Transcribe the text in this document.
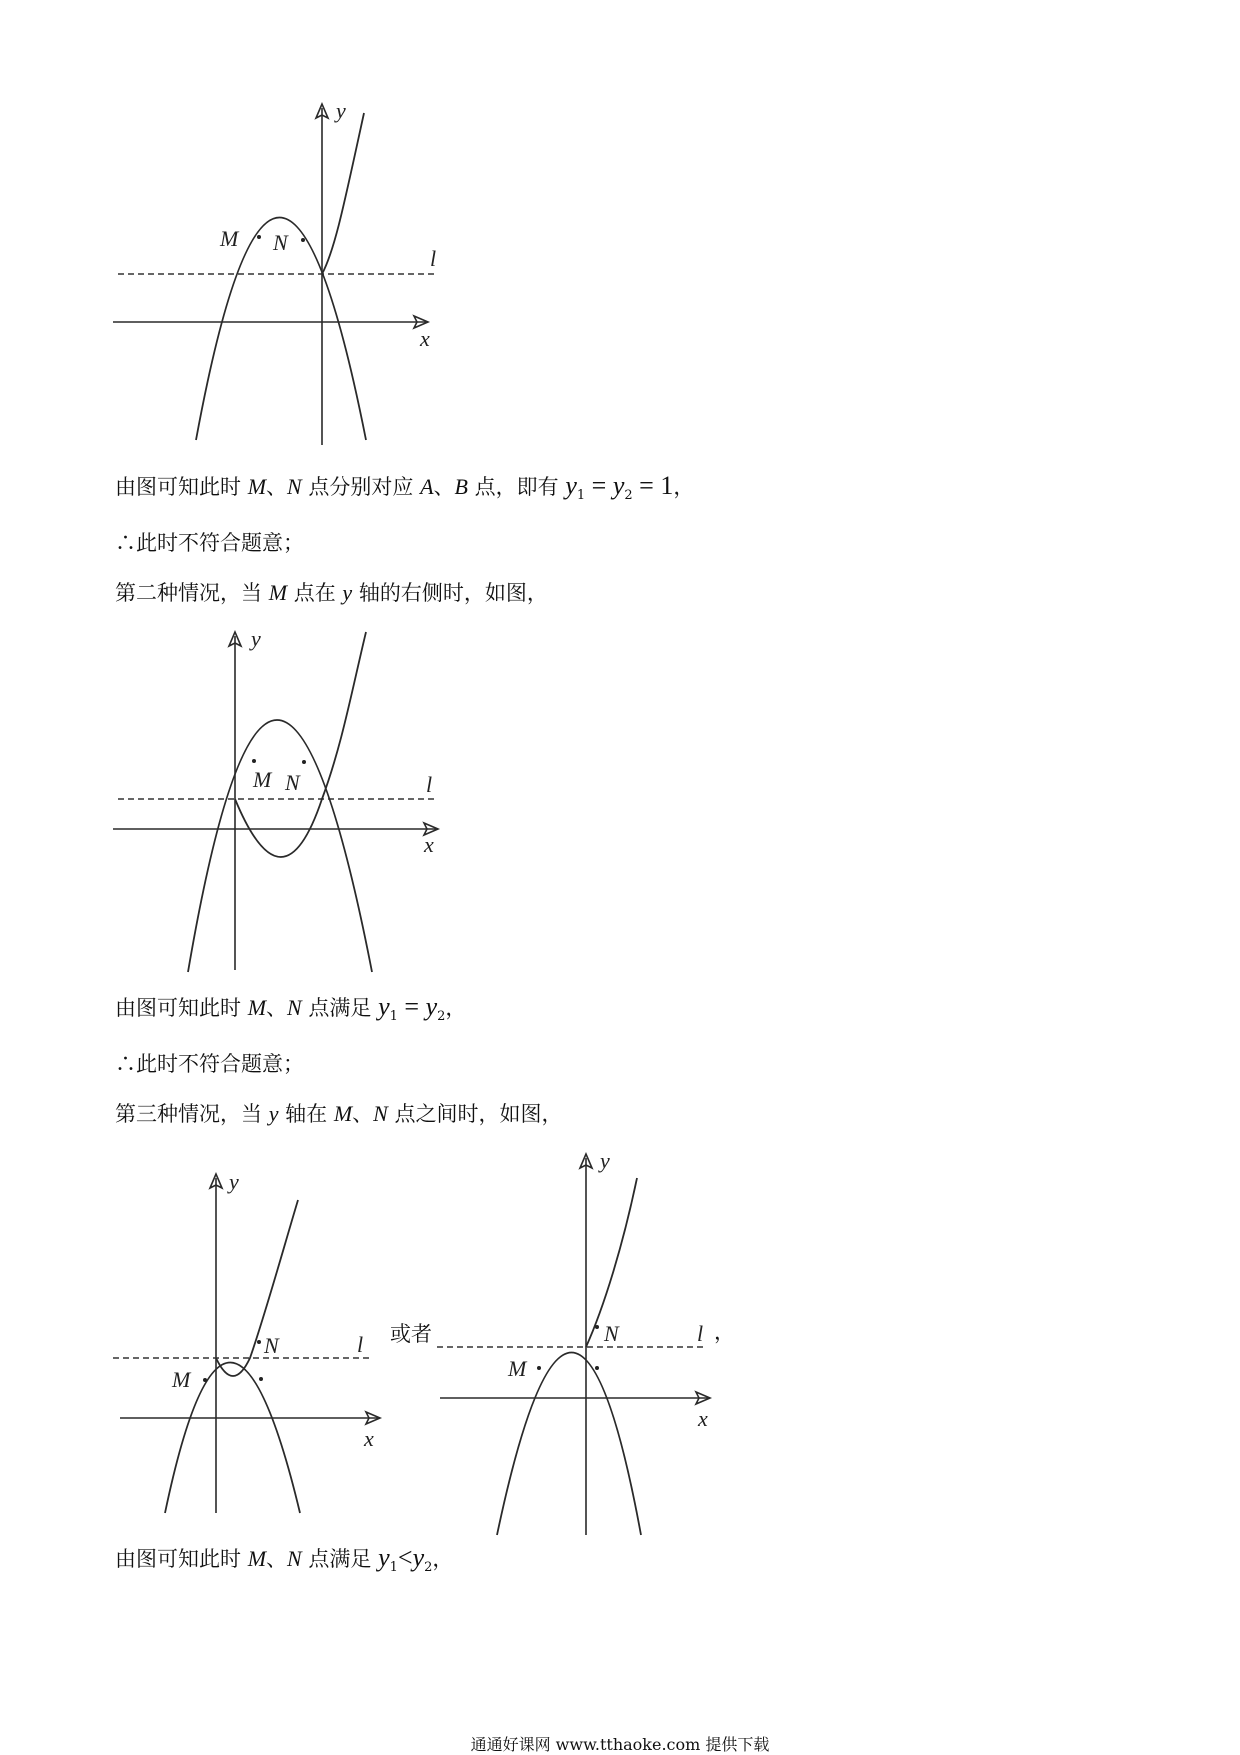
y
x
l
M N
y
x
l
M N
y
x
l
M
N
y
x
l
M
N
由图可知此时 M、N 点分别对应 A、B 点，即有 $y_1 = y_2 = 1$，
∴此时不符合题意；
第二种情况，当 M 点在 y 轴的右侧时，如图，
由图可知此时 M、N 点满足 $y_1 = y_2$，
∴此时不符合题意；
第三种情况，当 y 轴在 M、N 点之间时，如图，
或者	，
由图可知此时 M、N 点满足 $y_1<y_2$，
通通好课网 www.tthaoke.com 提供下载
